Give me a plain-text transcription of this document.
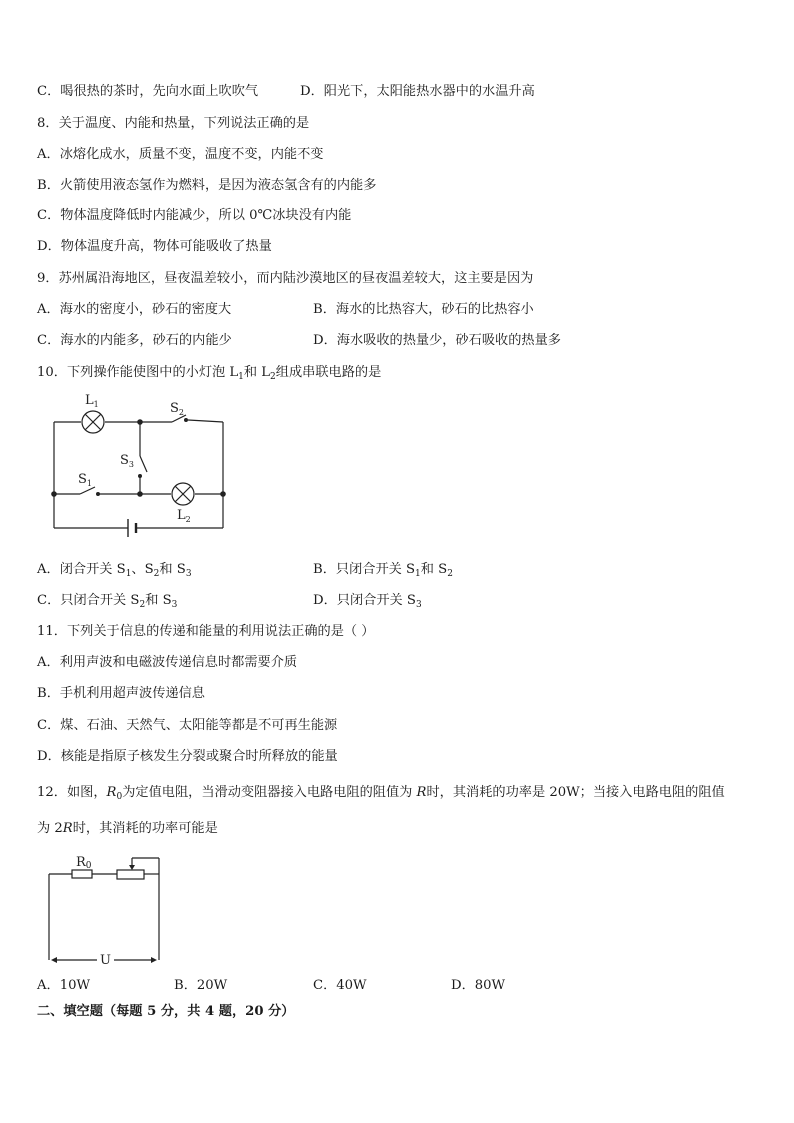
C．喝很热的茶时，先向水面上吹吹气	D．阳光下，太阳能热水器中的水温升高
8．关于温度、内能和热量，下列说法正确的是
A．冰熔化成水，质量不变，温度不变，内能不变
B．火箭使用液态氢作为燃料，是因为液态氢含有的内能多
C．物体温度降低时内能减少，所以 0℃冰块没有内能
D．物体温度升高，物体可能吸收了热量
9．苏州属沿海地区，昼夜温差较小，而内陆沙漠地区的昼夜温差较大，这主要是因为
A．海水的密度小，砂石的密度大	B．海水的比热容大，砂石的比热容小
C．海水的内能多，砂石的内能少	D．海水吸收的热量少，砂石吸收的热量多
10．下列操作能使图中的小灯泡 $L_1$和 $L_2$组成串联电路的是
$L_1$	$S_2$
$S_3$
$S_1$
$L_2$
A．闭合开关 $S_1$、$S_2$和 $S_3$	B．只闭合开关 $S_1$和 $S_2$
C．只闭合开关 $S_2$和 $S_3$	D．只闭合开关 $S_3$
11．下列关于信息的传递和能量的利用说法正确的是（ ）
A．利用声波和电磁波传递信息时都需要介质
B．手机利用超声波传递信息
C．煤、石油、天然气、太阳能等都是不可再生能源
D．核能是指原子核发生分裂或聚合时所释放的能量
12．如图，$R_0$为定值电阻，当滑动变阻器接入电路电阻的阻值为 R时，其消耗的功率是 20W；当接入电路电阻的阻值
为 2R时，其消耗的功率可能是
R0
U
A．10W	B．20W	C．40W	D．80W
二、填空题（每题 5 分，共 4 题，20 分）
